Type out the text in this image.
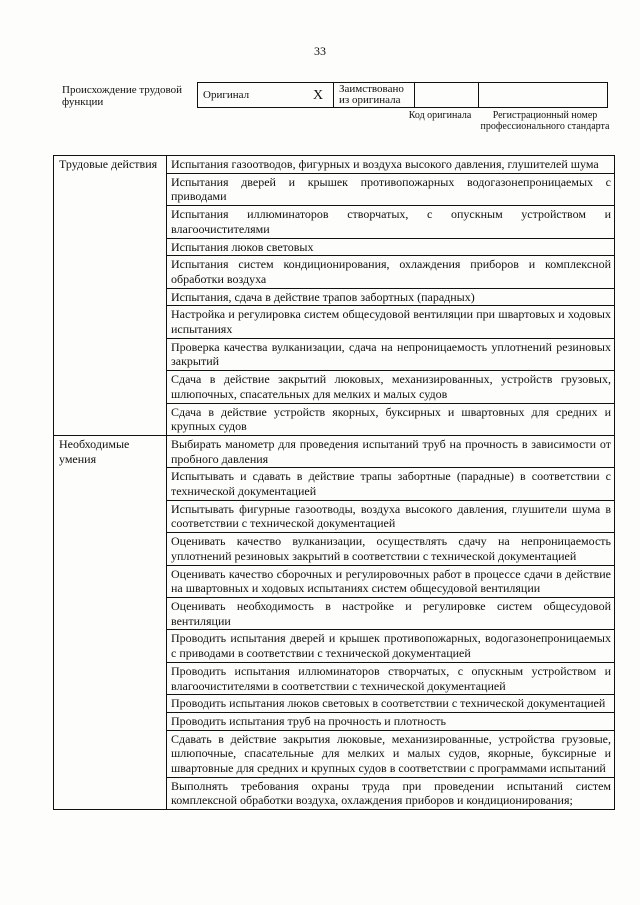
33
Происхождение трудовой функции
Оригинал	X	Заимствовано из оригинала		
Код оригинала	Регистрационный номер профессионального стандарта
Трудовые действия	Испытания газоотводов, фигурных и воздуха высокого давления, глушителей шума
	Испытания дверей и крышек противопожарных водогазонепроницаемых с приводами
	Испытания иллюминаторов створчатых, с опускным устройством и влагоочистителями
	Испытания люков световых
	Испытания систем кондиционирования, охлаждения приборов и комплексной обработки воздуха
	Испытания, сдача в действие трапов забортных (парадных)
	Настройка и регулировка систем общесудовой вентиляции при швартовых и ходовых испытаниях
	Проверка качества вулканизации, сдача на непроницаемость уплотнений резиновых закрытий
	Сдача в действие закрытий люковых, механизированных, устройств грузовых, шлюпочных, спасательных для мелких и малых судов
	Сдача в действие устройств якорных, буксирных и швартовных для средних и крупных судов
Необходимые умения	Выбирать манометр для проведения испытаний труб на прочность в зависимости от пробного давления
	Испытывать и сдавать в действие трапы забортные (парадные) в соответствии с технической документацией
	Испытывать фигурные газоотводы, воздуха высокого давления, глушители шума в соответствии с технической документацией
	Оценивать качество вулканизации, осуществлять сдачу на непроницаемость уплотнений резиновых закрытий в соответствии с технической документацией
	Оценивать качество сборочных и регулировочных работ в процессе сдачи в действие на швартовных и ходовых испытаниях систем общесудовой вентиляции
	Оценивать необходимость в настройке и регулировке систем общесудовой вентиляции
	Проводить испытания дверей и крышек противопожарных, водогазонепроницаемых с приводами в соответствии с технической документацией
	Проводить испытания иллюминаторов створчатых, с опускным устройством и влагоочистителями в соответствии с технической документацией
	Проводить испытания люков световых в соответствии с технической документацией
	Проводить испытания труб на прочность и плотность
	Сдавать в действие закрытия люковые, механизированные, устройства грузовые, шлюпочные, спасательные для мелких и малых судов, якорные, буксирные и швартовные для средних и крупных судов в соответствии с программами испытаний
	Выполнять требования охраны труда при проведении испытаний систем комплексной обработки воздуха, охлаждения приборов и кондиционирования;
